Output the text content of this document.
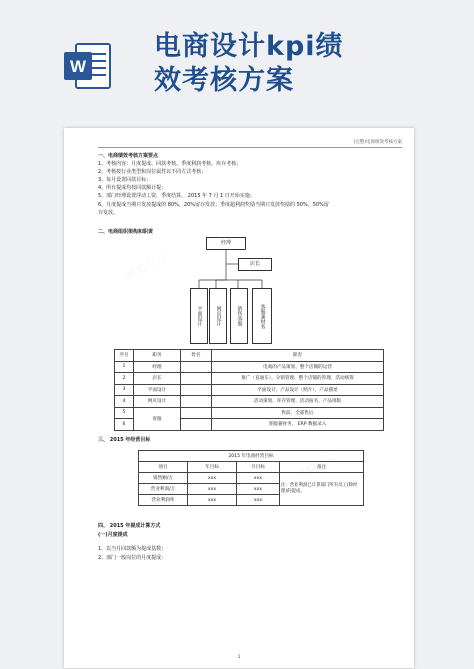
W
电商设计kpi绩
效考核方案
(完整)电商绩效考核方案
一、电商绩效考核方案要点
1、考核内容：月度提成、回款考核、季度利润考核、库存考核；
2、考核按行业类型和岗位属性以不同方式考核；
3、每月设置回款目标；
4、所有提成均按回款额计提；
5、部门经理设置浮动工资，季度结算， 2015 年 7 月 1 日开始实施；
6、月度提成当期只发放提成的 80%，20%留存发放；季度超利润奖励当期只发放奖励的 50%，50%留
存发放。
二、电商组织架构和职责
经理
店长
平面设计	网页设计	销售客服	客服兼财务
序号	职务	姓名	职责
1	经理		电商的产品策划、整个店铺的运营
2	店长		推广（直通车）、分销管理、整个店铺的管理、活动统筹
3	平面设计		平面设计、产品设计（照片）、产品描述
4	网页设计		活动策划、库存管理、活动报名、产品排版
5	客服		售前、全部售后
6			客服兼财务、 ERP 数据录入
三、 2015 年经营目标
2015 年电商经营目标			
项目	年目标	月目标	备注
销售额/万	xxx	xxx	注：营业利润已计算部门所有员工(除经理)的提成。
营业利润/万	xxx	xxx	
营业利润率	xxx	xxx	
四、 2015 年提成计算方式
(一)月度提成
1、以当月回款额为提成基数；
2、部门一般岗位的月度提成：
1
